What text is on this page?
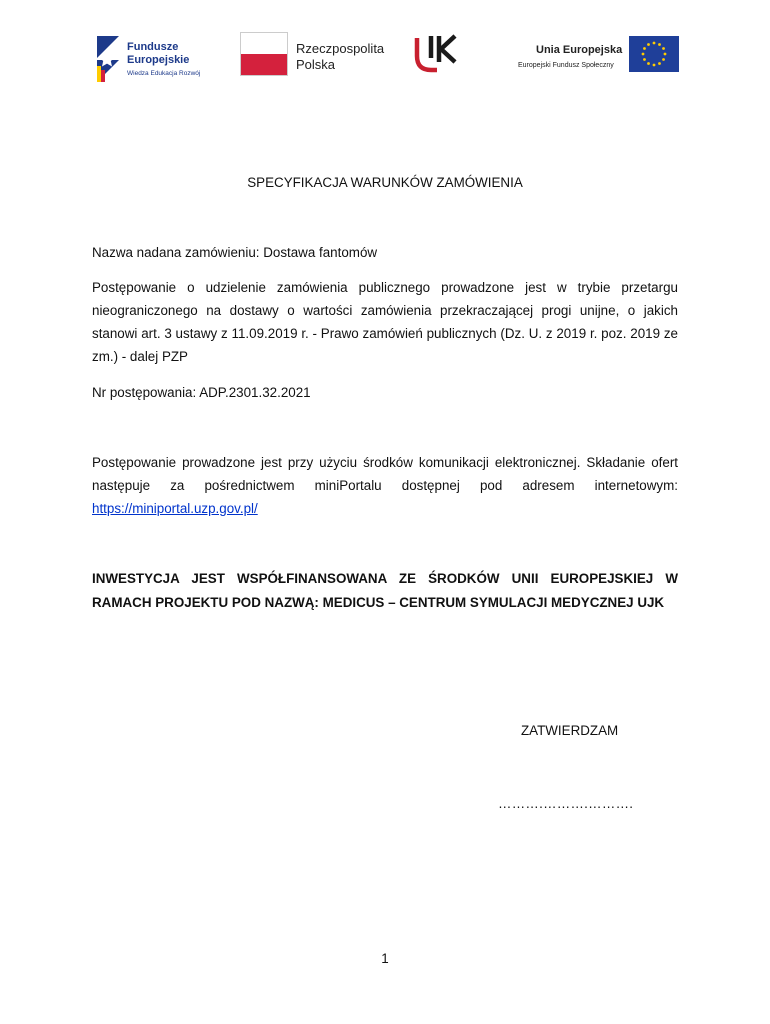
Fundusze
Europejskie
Wiedza Edukacja Rozwój
Rzeczpospolita
Polska
Unia Europejska
Europejski Fundusz Społeczny
SPECYFIKACJA WARUNKÓW ZAMÓWIENIA
Nazwa nadana zamówieniu: Dostawa fantomów
Postępowanie o udzielenie zamówienia publicznego prowadzone jest w trybie przetargu nieograniczonego na dostawy o wartości zamówienia przekraczającej progi unijne, o jakich stanowi art. 3 ustawy z 11.09.2019 r. - Prawo zamówień publicznych (Dz. U. z 2019 r. poz. 2019 ze zm.) - dalej PZP
Nr postępowania: ADP.2301.32.2021
Postępowanie prowadzone jest przy użyciu środków komunikacji elektronicznej. Składanie ofert następuje za pośrednictwem miniPortalu dostępnej pod adresem internetowym: https://miniportal.uzp.gov.pl/
INWESTYCJA JEST WSPÓŁFINANSOWANA ZE ŚRODKÓW UNII EUROPEJSKIEJ W RAMACH PROJEKTU POD NAZWĄ: MEDICUS – CENTRUM SYMULACJI MEDYCZNEJ UJK
ZATWIERDZAM
……….……….……….
1
